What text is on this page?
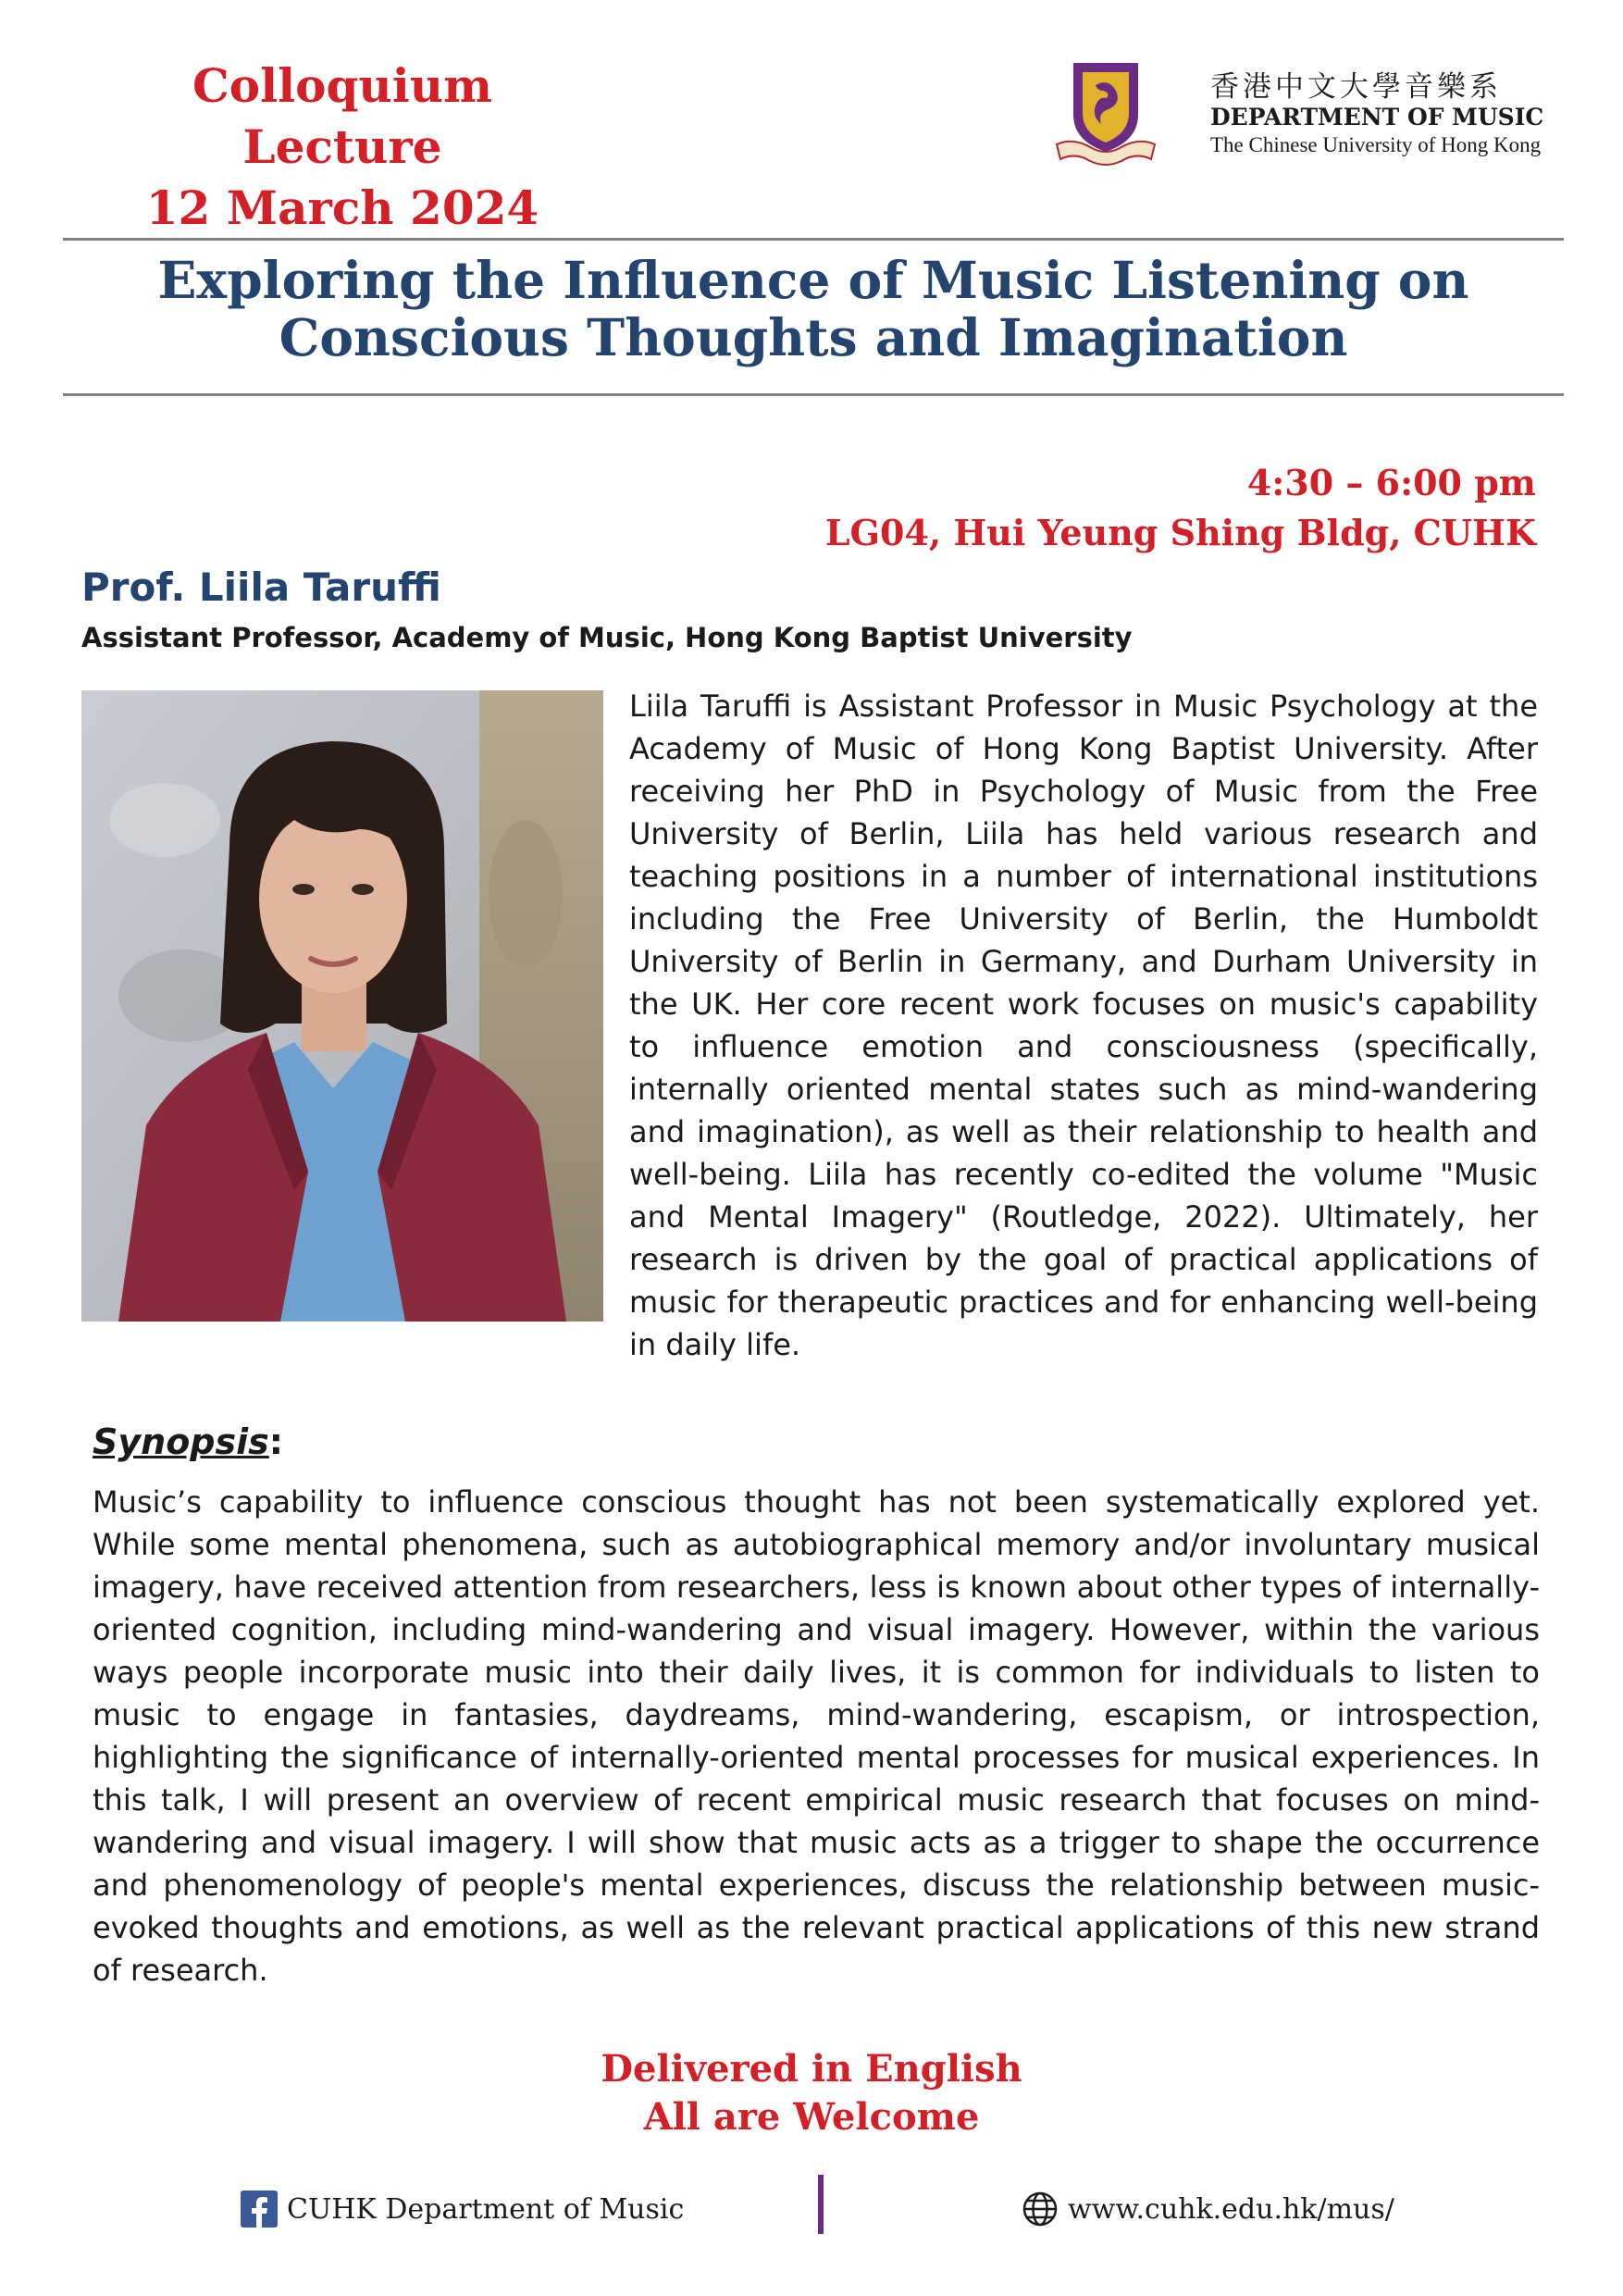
Colloquium Lecture
12 March 2024
香港中文大學音樂系
DEPARTMENT OF MUSIC
The Chinese University of Hong Kong
Exploring the Influence of Music Listening on
Conscious Thoughts and Imagination
4:30 – 6:00 pm
LG04, Hui Yeung Shing Bldg, CUHK
Prof. Liila Taruffi
Assistant Professor, Academy of Music, Hong Kong Baptist University
Liila Taruffi is Assistant Professor in Music Psychology at the Academy of Music of Hong Kong Baptist University. After receiving her PhD in Psychology of Music from the Free University of Berlin, Liila has held various research and teaching positions in a number of international institutions including the Free University of Berlin, the Humboldt University of Berlin in Germany, and Durham University in the UK. Her core recent work focuses on music's capability to influence emotion and consciousness (specifically, internally oriented mental states such as mind-wandering and imagination), as well as their relationship to health and well-being. Liila has recently co-edited the volume "Music and Mental Imagery" (Routledge, 2022). Ultimately, her research is driven by the goal of practical applications of music for therapeutic practices and for enhancing well-being in daily life.
Synopsis:
Music’s capability to influence conscious thought has not been systematically explored yet. While some mental phenomena, such as autobiographical memory and/or involuntary musical imagery, have received attention from researchers, less is known about other types of internally-oriented cognition, including mind-wandering and visual imagery. However, within the various ways people incorporate music into their daily lives, it is common for individuals to listen to music to engage in fantasies, daydreams, mind-wandering, escapism, or introspection, highlighting the significance of internally-oriented mental processes for musical experiences. In this talk, I will present an overview of recent empirical music research that focuses on mind-wandering and visual imagery. I will show that music acts as a trigger to shape the occurrence and phenomenology of people's mental experiences, discuss the relationship between music-evoked thoughts and emotions, as well as the relevant practical applications of this new strand of research.
Delivered in English
All are Welcome
CUHK Department of Music	www.cuhk.edu.hk/mus/
